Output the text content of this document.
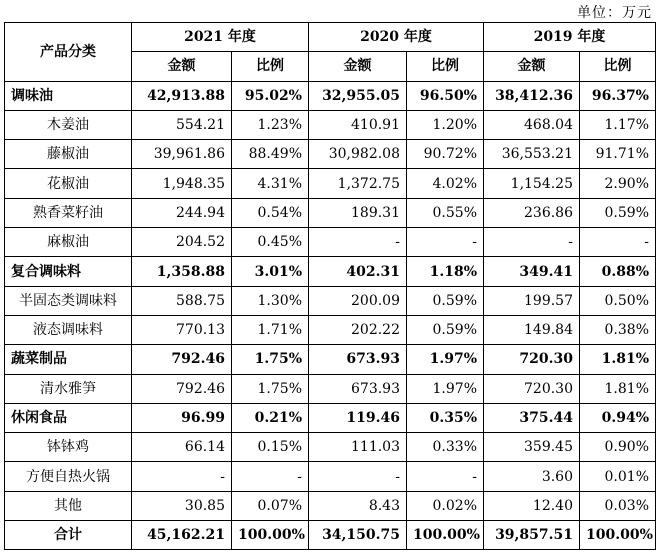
单位：万元
产品分类	2021 年度		2020 年度		2019 年度	
	金额	比例	金额	比例	金额	比例
调味油	42,913.88	95.02%	32,955.05	96.50%	38,412.36	96.37%
木姜油	554.21	1.23%	410.91	1.20%	468.04	1.17%
藤椒油	39,961.86	88.49%	30,982.08	90.72%	36,553.21	91.71%
花椒油	1,948.35	4.31%	1,372.75	4.02%	1,154.25	2.90%
熟香菜籽油	244.94	0.54%	189.31	0.55%	236.86	0.59%
麻椒油	204.52	0.45%	-	-	-	-
复合调味料	1,358.88	3.01%	402.31	1.18%	349.41	0.88%
半固态类调味料	588.75	1.30%	200.09	0.59%	199.57	0.50%
液态调味料	770.13	1.71%	202.22	0.59%	149.84	0.38%
蔬菜制品	792.46	1.75%	673.93	1.97%	720.30	1.81%
清水雅笋	792.46	1.75%	673.93	1.97%	720.30	1.81%
休闲食品	96.99	0.21%	119.46	0.35%	375.44	0.94%
钵钵鸡	66.14	0.15%	111.03	0.33%	359.45	0.90%
方便自热火锅	-	-	-	-	3.60	0.01%
其他	30.85	0.07%	8.43	0.02%	12.40	0.03%
合计	45,162.21	100.00%	34,150.75	100.00%	39,857.51	100.00%
